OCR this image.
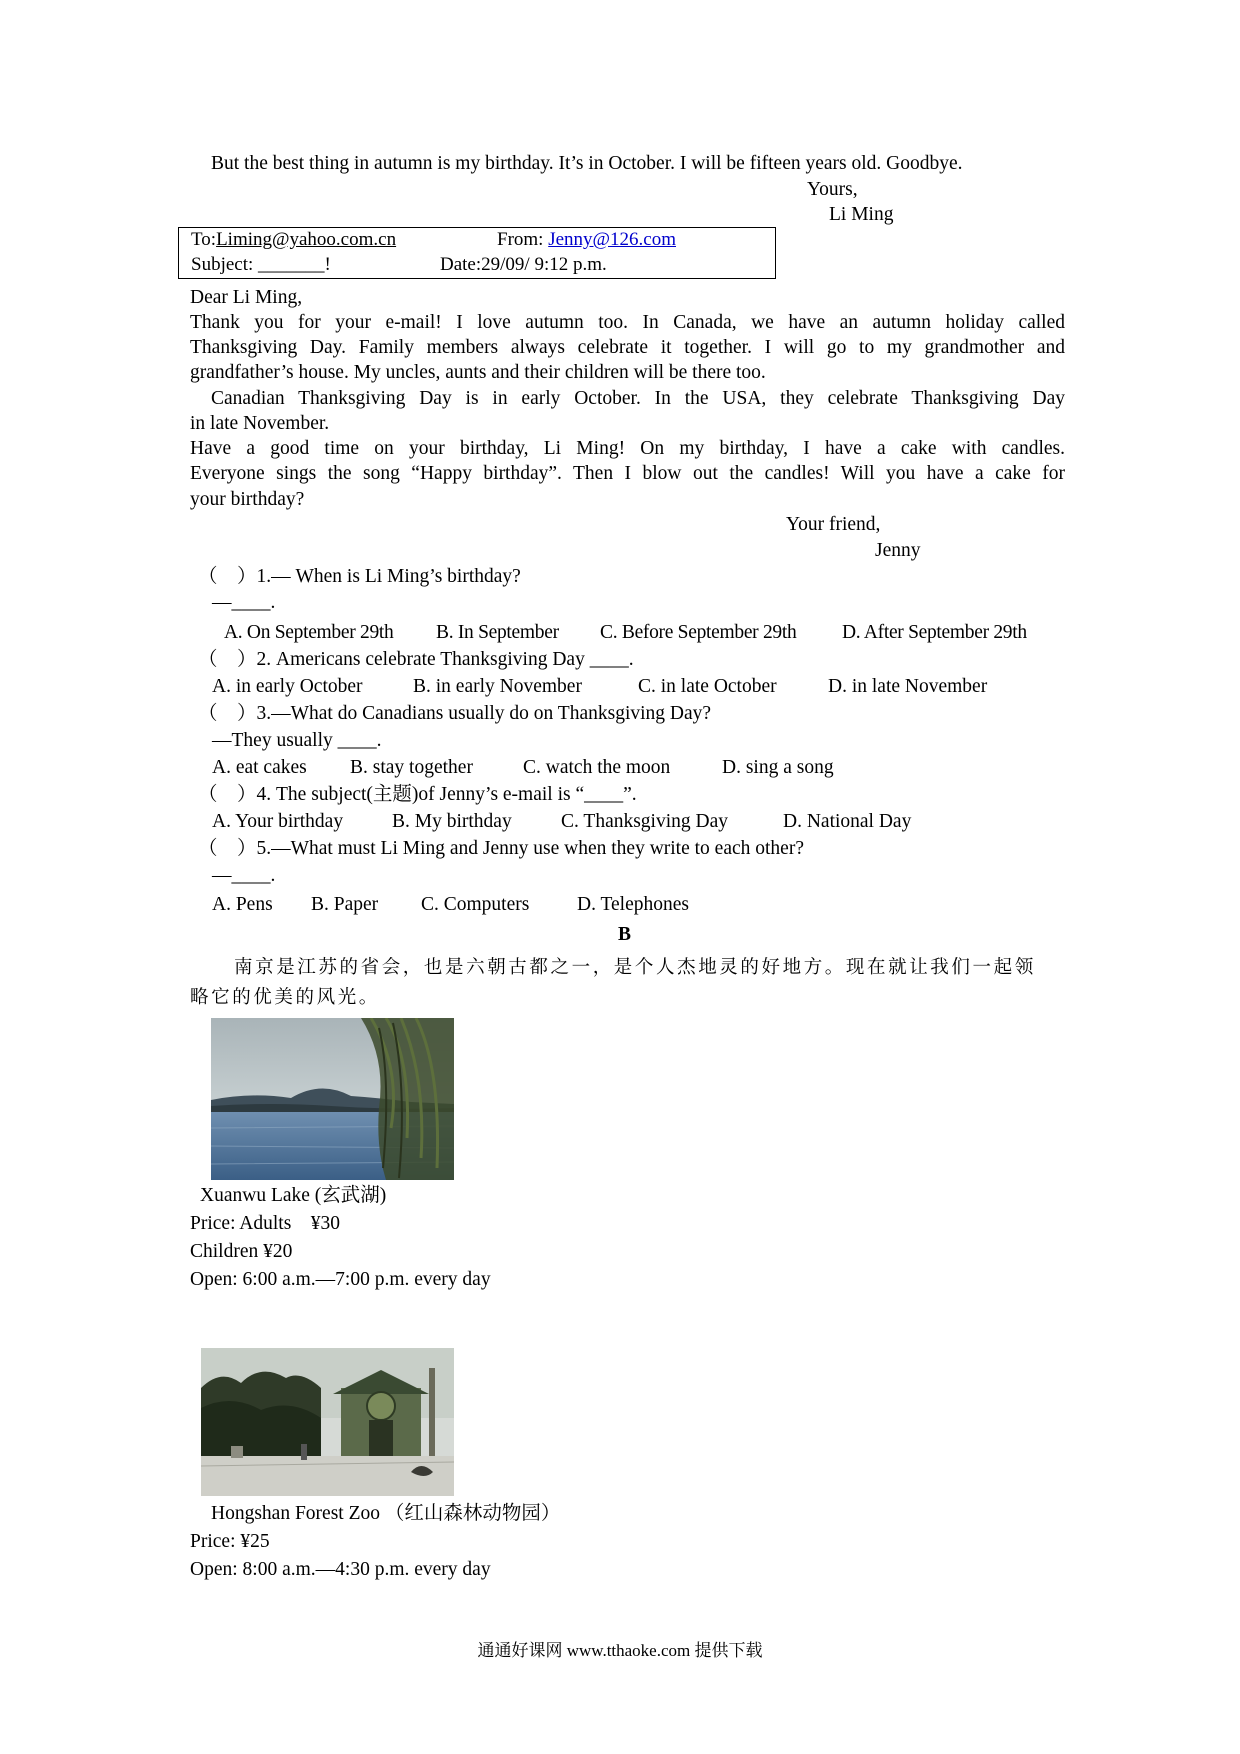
But the best thing in autumn is my birthday. It’s in October. I will be fifteen years old. Goodbye.
Yours,
Li Ming
To:Liming@yahoo.com.cn	From: Jenny@126.com
Subject: _______!	Date:29/09/ 9:12 p.m.
Dear Li Ming,
Thank you for your e-mail! I love autumn too. In Canada, we have an autumn holiday called
Thanksgiving Day. Family members always celebrate it together. I will go to my grandmother and
grandfather’s house. My uncles, aunts and their children will be there too.
Canadian Thanksgiving Day is in early October. In the USA, they celebrate Thanksgiving Day
in late November.
Have a good time on your birthday, Li Ming! On my birthday, I have a cake with candles.
Everyone sings the song “Happy birthday”. Then I blow out the candles! Will you have a cake for
your birthday?
Your friend,
Jenny
（　）1.— When is Li Ming’s birthday?
—____.
A. On September 29th B. In September C. Before September 29th D. After September 29th
（　）2. Americans celebrate Thanksgiving Day ____.
A. in early October	B. in early November	C. in late October	D. in late November
（　）3.—What do Canadians usually do on Thanksgiving Day?
—They usually ____.
A. eat cakes B. stay together	C. watch the moon	D. sing a song
（　）4. The subject(主题)of Jenny’s e-mail is “____”.
A. Your birthday	B. My birthday	C. Thanksgiving Day	D. National Day
（　）5.—What must Li Ming and Jenny use when they write to each other?
—____.
A. Pens B. Paper C. Computers D. Telephones
B
南京是江苏的省会，也是六朝古都之一，是个人杰地灵的好地方。现在就让我们一起领
略它的优美的风光。
Xuanwu Lake (玄武湖)
Price: Adults　¥30
Children ¥20
Open: 6:00 a.m.—7:00 p.m. every day
Hongshan Forest Zoo （红山森林动物园）
Price: ¥25
Open: 8:00 a.m.—4:30 p.m. every day
通通好课网 www.tthaoke.com 提供下载
